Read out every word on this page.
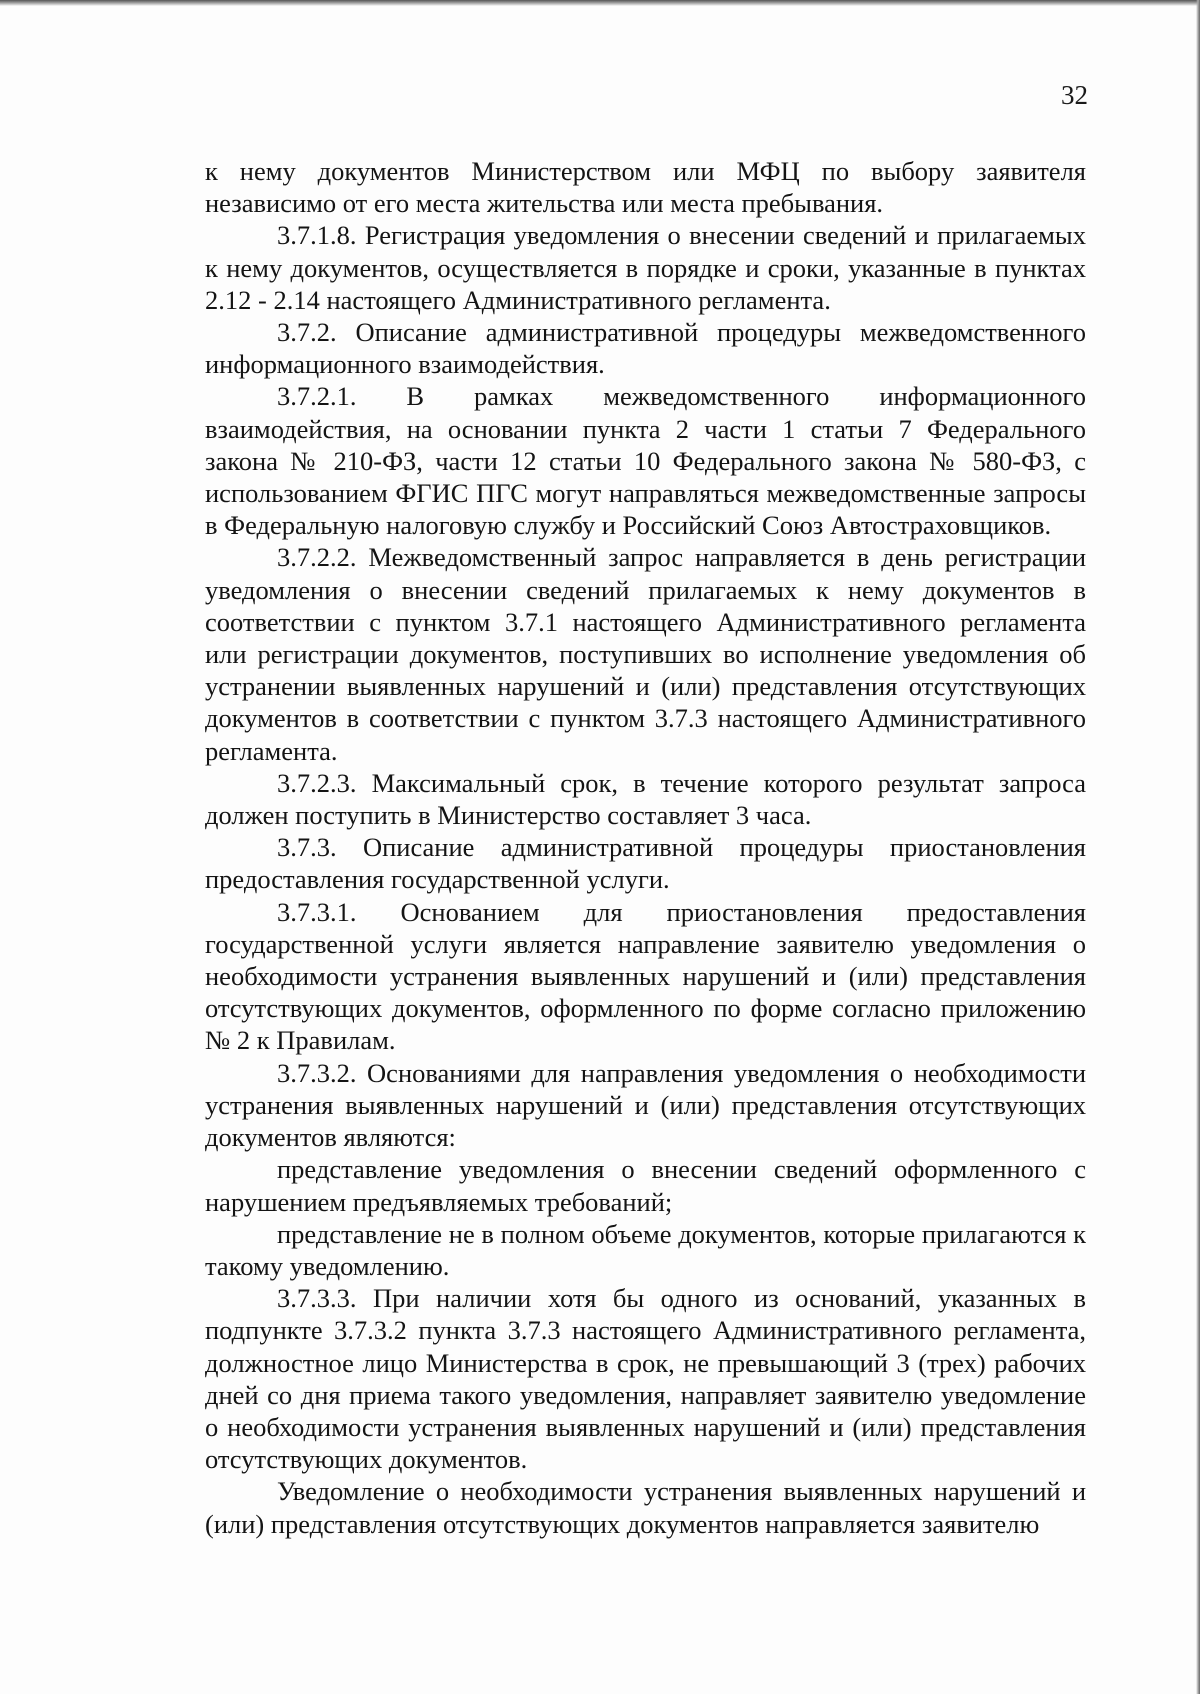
32

к нему документов Министерством или МФЦ по выбору заявителя независимо от его места жительства или места пребывания.

3.7.1.8. Регистрация уведомления о внесении сведений и прилагаемых к нему документов, осуществляется в порядке и сроки, указанные в пунктах 2.12 - 2.14 настоящего Административного регламента.

3.7.2. Описание административной процедуры межведомственного информационного взаимодействия.

3.7.2.1. В рамках межведомственного информационного взаимодействия, на основании пункта 2 части 1 статьи 7 Федерального закона № 210-ФЗ, части 12 статьи 10 Федерального закона № 580-ФЗ, с использованием ФГИС ПГС могут направляться межведомственные запросы в Федеральную налоговую службу и Российский Союз Автостраховщиков.

3.7.2.2. Межведомственный запрос направляется в день регистрации уведомления о внесении сведений прилагаемых к нему документов в соответствии с пунктом 3.7.1 настоящего Административного регламента или регистрации документов, поступивших во исполнение уведомления об устранении выявленных нарушений и (или) представления отсутствующих документов в соответствии с пунктом 3.7.3 настоящего Административного регламента.

3.7.2.3. Максимальный срок, в течение которого результат запроса должен поступить в Министерство составляет 3 часа.

3.7.3. Описание административной процедуры приостановления предоставления государственной услуги.

3.7.3.1. Основанием для приостановления предоставления государственной услуги является направление заявителю уведомления о необходимости устранения выявленных нарушений и (или) представления отсутствующих документов, оформленного по форме согласно приложению № 2 к Правилам.

3.7.3.2. Основаниями для направления уведомления о необходимости устранения выявленных нарушений и (или) представления отсутствующих документов являются:

представление уведомления о внесении сведений оформленного с нарушением предъявляемых требований;

представление не в полном объеме документов, которые прилагаются к такому уведомлению.

3.7.3.3. При наличии хотя бы одного из оснований, указанных в подпункте 3.7.3.2 пункта 3.7.3 настоящего Административного регламента, должностное лицо Министерства в срок, не превышающий 3 (трех) рабочих дней со дня приема такого уведомления, направляет заявителю уведомление о необходимости устранения выявленных нарушений и (или) представления отсутствующих документов.

Уведомление о необходимости устранения выявленных нарушений и (или) представления отсутствующих документов направляется заявителю
